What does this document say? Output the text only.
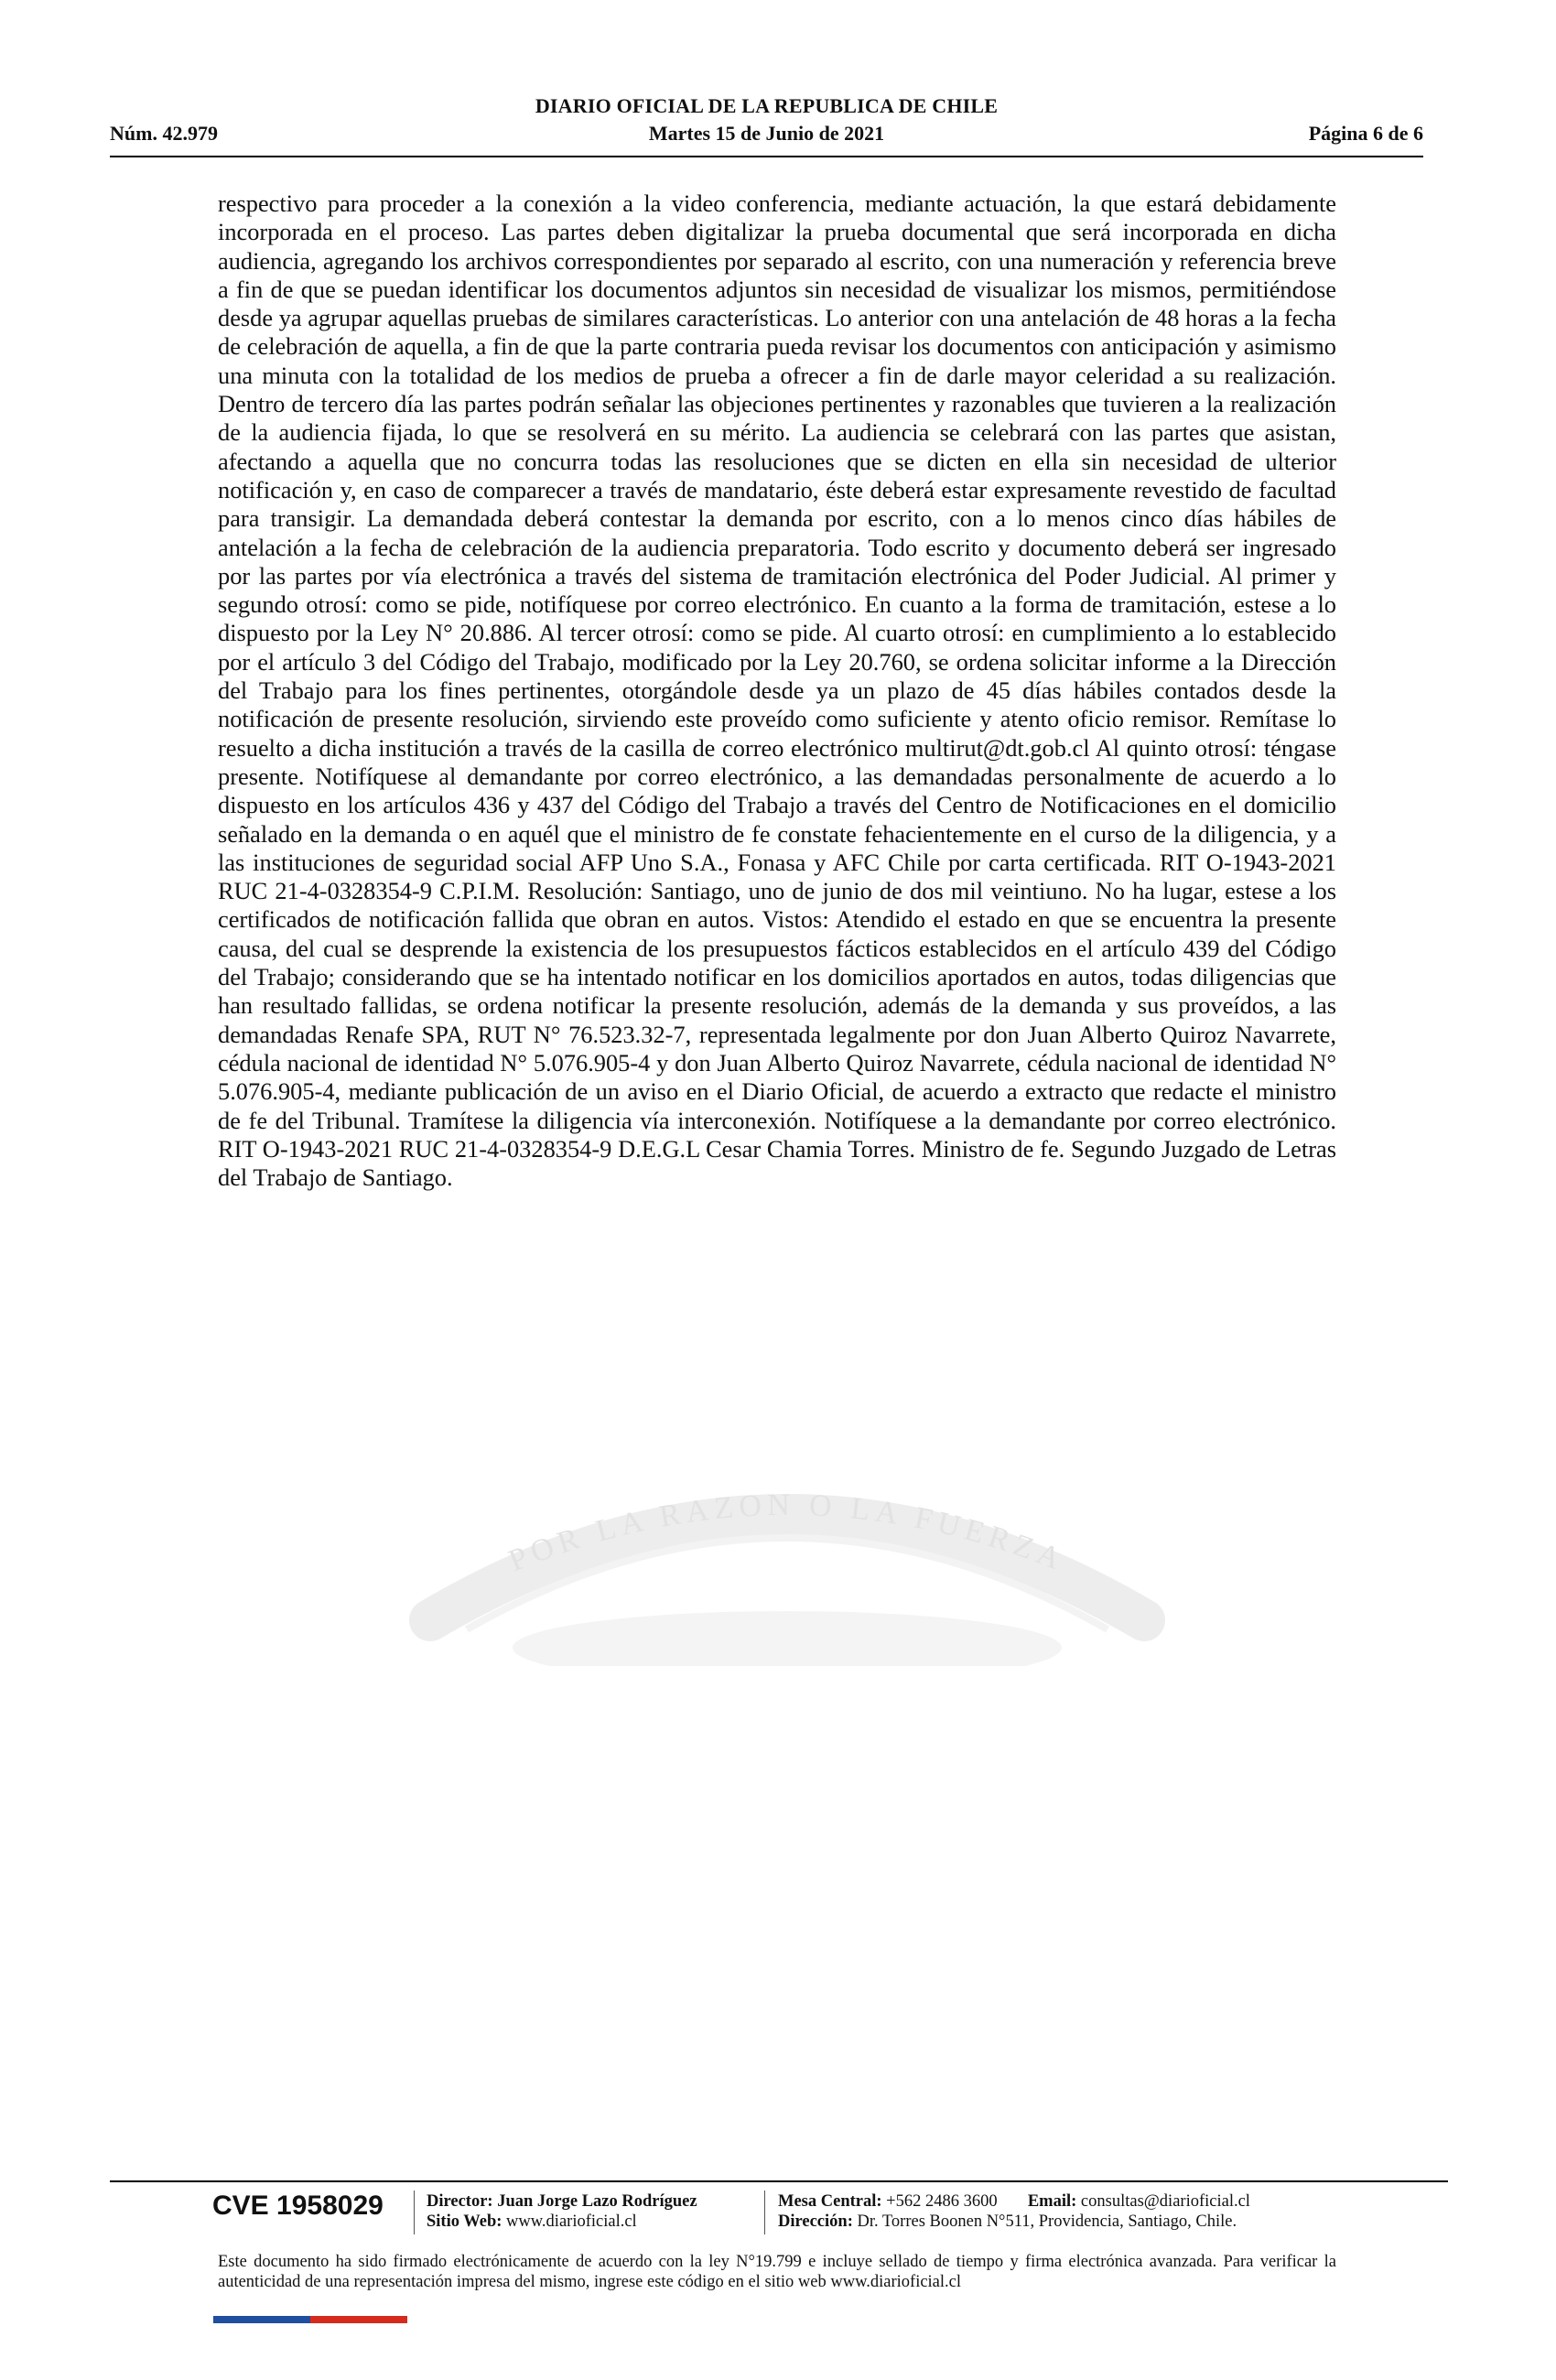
DIARIO OFICIAL DE LA REPUBLICA DE CHILE
Núm. 42.979	Martes 15 de Junio de 2021	Página 6 de 6
POR LA RAZON O LA FUERZA

respectivo para proceder a la conexión a la video conferencia, mediante actuación, la que estará debidamente incorporada en el proceso. Las partes deben digitalizar la prueba documental que será incorporada en dicha audiencia, agregando los archivos correspondientes por separado al escrito, con una numeración y referencia breve a fin de que se puedan identificar los documentos adjuntos sin necesidad de visualizar los mismos, permitiéndose desde ya agrupar aquellas pruebas de similares características. Lo anterior con una antelación de 48 horas a la fecha de celebración de aquella, a fin de que la parte contraria pueda revisar los documentos con anticipación y asimismo una minuta con la totalidad de los medios de prueba a ofrecer a fin de darle mayor celeridad a su realización. Dentro de tercero día las partes podrán señalar las objeciones pertinentes y razonables que tuvieren a la realización de la audiencia fijada, lo que se resolverá en su mérito. La audiencia se celebrará con las partes que asistan, afectando a aquella que no concurra todas las resoluciones que se dicten en ella sin necesidad de ulterior notificación y, en caso de comparecer a través de mandatario, éste deberá estar expresamente revestido de facultad para transigir. La demandada deberá contestar la demanda por escrito, con a lo menos cinco días hábiles de antelación a la fecha de celebración de la audiencia preparatoria. Todo escrito y documento deberá ser ingresado por las partes por vía electrónica a través del sistema de tramitación electrónica del Poder Judicial. Al primer y segundo otrosí: como se pide, notifíquese por correo electrónico. En cuanto a la forma de tramitación, estese a lo dispuesto por la Ley N° 20.886. Al tercer otrosí: como se pide. Al cuarto otrosí: en cumplimiento a lo establecido por el artículo 3 del Código del Trabajo, modificado por la Ley 20.760, se ordena solicitar informe a la Dirección del Trabajo para los fines pertinentes, otorgándole desde ya un plazo de 45 días hábiles contados desde la notificación de presente resolución, sirviendo este proveído como suficiente y atento oficio remisor. Remítase lo resuelto a dicha institución a través de la casilla de correo electrónico multirut@dt.gob.cl Al quinto otrosí: téngase presente. Notifíquese al demandante por correo electrónico, a las demandadas personalmente de acuerdo a lo dispuesto en los artículos 436 y 437 del Código del Trabajo a través del Centro de Notificaciones en el domicilio señalado en la demanda o en aquél que el ministro de fe constate fehacientemente en el curso de la diligencia, y a las instituciones de seguridad social AFP Uno S.A., Fonasa y AFC Chile por carta certificada. RIT O-1943-2021 RUC 21-4-0328354-9 C.P.I.M. Resolución: Santiago, uno de junio de dos mil veintiuno. No ha lugar, estese a los certificados de notificación fallida que obran en autos. Vistos: Atendido el estado en que se encuentra la presente causa, del cual se desprende la existencia de los presupuestos fácticos establecidos en el artículo 439 del Código del Trabajo; considerando que se ha intentado notificar en los domicilios aportados en autos, todas diligencias que han resultado fallidas, se ordena notificar la presente resolución, además de la demanda y sus proveídos, a las demandadas Renafe SPA, RUT N° 76.523.32-7, representada legalmente por don Juan Alberto Quiroz Navarrete, cédula nacional de identidad N° 5.076.905-4 y don Juan Alberto Quiroz Navarrete, cédula nacional de identidad N° 5.076.905-4, mediante publicación de un aviso en el Diario Oficial, de acuerdo a extracto que redacte el ministro de fe del Tribunal. Tramítese la diligencia vía interconexión. Notifíquese a la demandante por correo electrónico. RIT O-1943-2021 RUC 21-4-0328354-9 D.E.G.L Cesar Chamia Torres. Ministro de fe. Segundo Juzgado de Letras del Trabajo de Santiago.

CVE 1958029	Director: Juan Jorge Lazo Rodríguez
Sitio Web: www.diarioficial.cl
Mesa Central: +562 2486 3600 Email: consultas@diarioficial.cl
Dirección: Dr. Torres Boonen N°511, Providencia, Santiago, Chile.
Este documento ha sido firmado electrónicamente de acuerdo con la ley N°19.799 e incluye sellado de tiempo y firma electrónica avanzada. Para verificar la autenticidad de una representación impresa del mismo, ingrese este código en el sitio web www.diarioficial.cl
